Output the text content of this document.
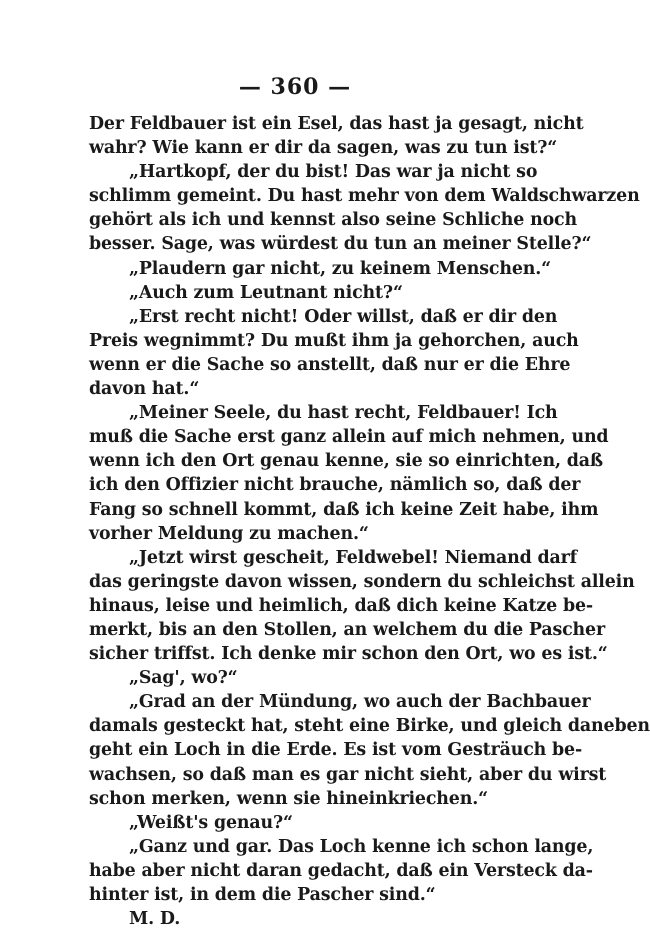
— 360 —
Der Feldbauer ist ein Esel, das hast ja gesagt, nicht
wahr? Wie kann er dir da sagen, was zu tun ist?“
„Hartkopf, der du bist! Das war ja nicht so
schlimm gemeint. Du hast mehr von dem Waldschwarzen
gehört als ich und kennst also seine Schliche noch
besser. Sage, was würdest du tun an meiner Stelle?“
„Plaudern gar nicht, zu keinem Menschen.“
„Auch zum Leutnant nicht?“
„Erst recht nicht! Oder willst, daß er dir den
Preis wegnimmt? Du mußt ihm ja gehorchen, auch
wenn er die Sache so anstellt, daß nur er die Ehre
davon hat.“
„Meiner Seele, du hast recht, Feldbauer! Ich
muß die Sache erst ganz allein auf mich nehmen, und
wenn ich den Ort genau kenne, sie so einrichten, daß
ich den Offizier nicht brauche, nämlich so, daß der
Fang so schnell kommt, daß ich keine Zeit habe, ihm
vorher Meldung zu machen.“
„Jetzt wirst gescheit, Feldwebel! Niemand darf
das geringste davon wissen, sondern du schleichst allein
hinaus, leise und heimlich, daß dich keine Katze be-
merkt, bis an den Stollen, an welchem du die Pascher
sicher triffst. Ich denke mir schon den Ort, wo es ist.“
„Sag', wo?“
„Grad an der Mündung, wo auch der Bachbauer
damals gesteckt hat, steht eine Birke, und gleich daneben
geht ein Loch in die Erde. Es ist vom Gesträuch be-
wachsen, so daß man es gar nicht sieht, aber du wirst
schon merken, wenn sie hineinkriechen.“
„Weißt's genau?“
„Ganz und gar. Das Loch kenne ich schon lange,
habe aber nicht daran gedacht, daß ein Versteck da-
hinter ist, in dem die Pascher sind.“
M. D.
